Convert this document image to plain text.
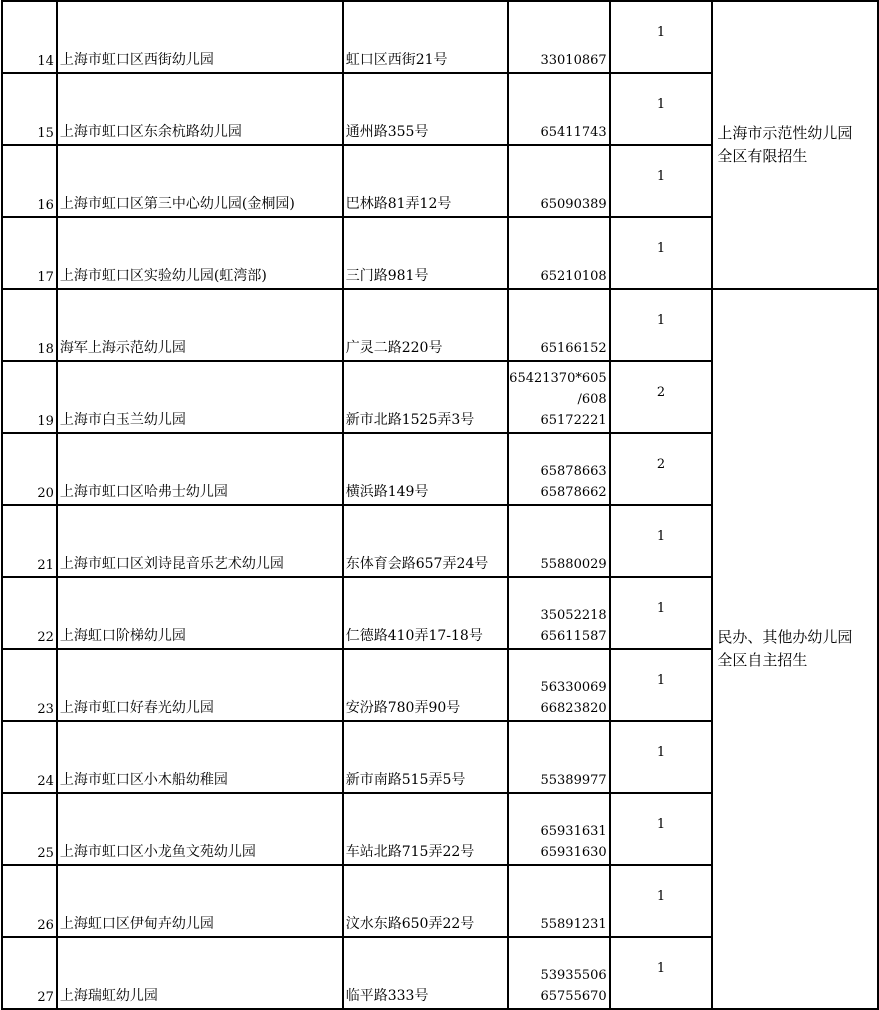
14	上海市虹口区西街幼儿园	虹口区西街21号	33010867	1	上海市示范性幼儿园
全区有限招生

15	上海市虹口区东余杭路幼儿园	通州路355号	65411743	1	
16	上海市虹口区第三中心幼儿园(金桐园)	巴林路81弄12号	65090389	1	
17	上海市虹口区实验幼儿园(虹湾部)	三门路981号	65210108	1	
18	海军上海示范幼儿园	广灵二路220号	65166152	1	民办、其他办幼儿园
全区自主招生

19	上海市白玉兰幼儿园	新市北路1525弄3号	65421370*605
/608
65172221	2	
20	上海市虹口区哈弗士幼儿园	横浜路149号	65878663
65878662	2	
21	上海市虹口区刘诗昆音乐艺术幼儿园	东体育会路657弄24号	55880029	1	
22	上海虹口阶梯幼儿园	仁德路410弄17-18号	35052218
65611587	1	
23	上海市虹口好春光幼儿园	安汾路780弄90号	56330069
66823820	1	
24	上海市虹口区小木船幼稚园	新市南路515弄5号	55389977	1	
25	上海市虹口区小龙鱼文苑幼儿园	车站北路715弄22号	65931631
65931630	1	
26	上海虹口区伊甸卉幼儿园	汶水东路650弄22号	55891231	1	
27	上海瑞虹幼儿园	临平路333号	53935506
65755670	1	
